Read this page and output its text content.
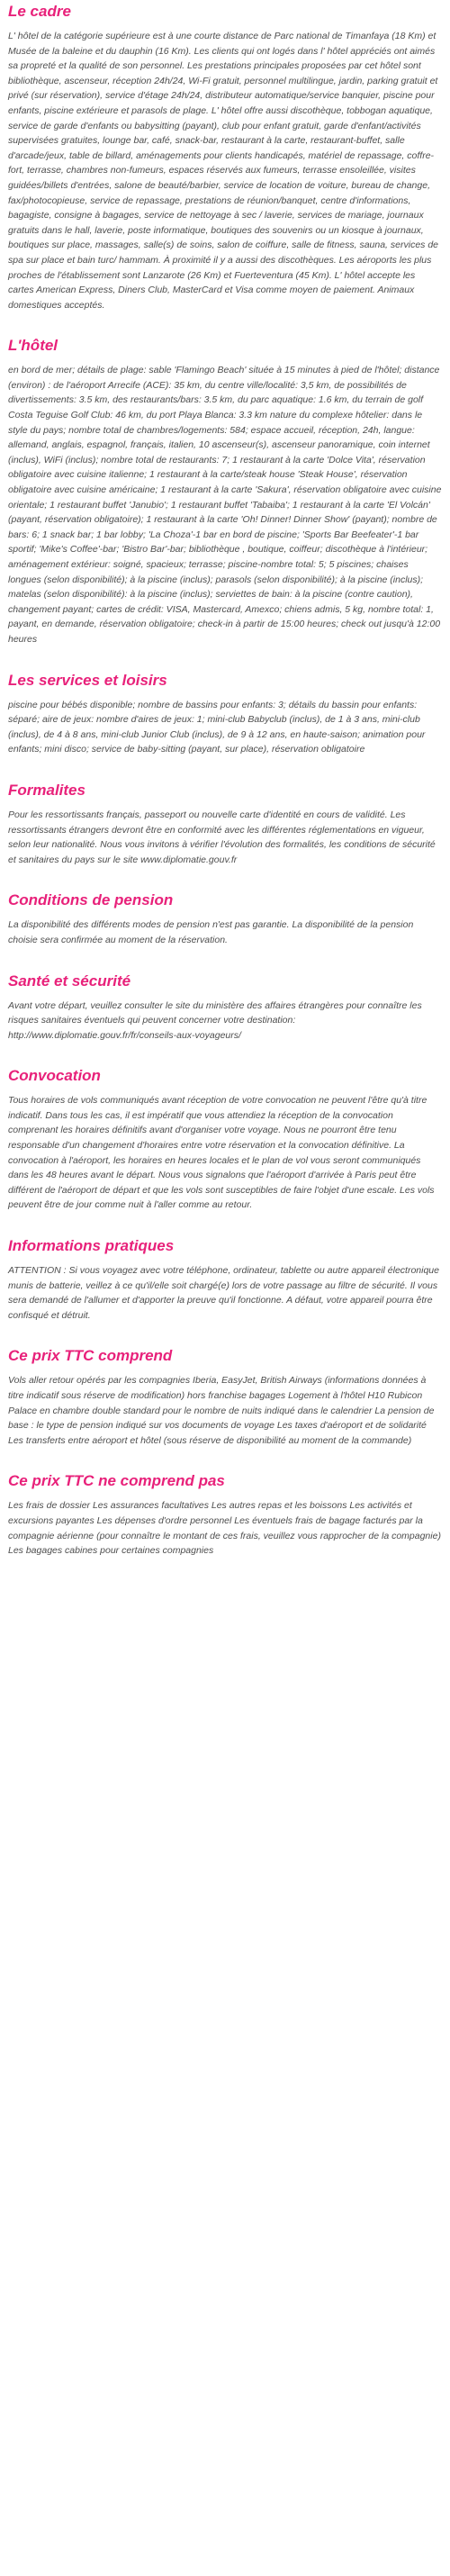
Le cadre

L' hôtel de la catégorie supérieure est à une courte distance de Parc national de Timanfaya (18 Km) et Musée de la baleine et du dauphin (16 Km). Les clients qui ont logés dans l' hôtel appréciés ont aimés sa propreté et la qualité de son personnel. Les prestations principales proposées par cet hôtel sont bibliothèque, ascenseur, réception 24h/24, Wi-Fi gratuit, personnel multilingue, jardin, parking gratuit et privé (sur réservation), service d'étage 24h/24, distributeur automatique/service banquier, piscine pour enfants, piscine extérieure et parasols de plage. L' hôtel offre aussi discothèque, tobbogan aquatique, service de garde d'enfants ou babysitting (payant), club pour enfant gratuit, garde d'enfant/activités supervisées gratuites, lounge bar, café, snack-bar, restaurant à la carte, restaurant-buffet, salle d'arcade/jeux, table de billard, aménagements pour clients handicapés, matériel de repassage, coffre-fort, terrasse, chambres non-fumeurs, espaces réservés aux fumeurs, terrasse ensoleillée, visites guidées/billets d'entrées, salone de beauté/barbier, service de location de voiture, bureau de change, fax/photocopieuse, service de repassage, prestations de réunion/banquet, centre d'informations, bagagiste, consigne à bagages, service de nettoyage à sec / laverie, services de mariage, journaux gratuits dans le hall, laverie, poste informatique, boutiques des souvenirs ou un kiosque à journaux, boutiques sur place, massages, salle(s) de soins, salon de coiffure, salle de fitness, sauna, services de spa sur place et bain turc/ hammam. À proximité il y a aussi des discothèques. Les aéroports les plus proches de l'établissement sont Lanzarote (26 Km) et Fuerteventura (45 Km). L' hôtel accepte les cartes American Express, Diners Club, MasterCard et Visa comme moyen de paiement. Animaux domestiques acceptés.

L'hôtel

en bord de mer; détails de plage: sable 'Flamingo Beach' située à 15 minutes à pied de l'hôtel; distance (environ) : de l'aéroport Arrecife (ACE): 35 km, du centre ville/localité: 3,5 km, de possibilités de divertissements: 3.5 km, des restaurants/bars: 3.5 km, du parc aquatique: 1.6 km, du terrain de golf Costa Teguise Golf Club: 46 km, du port Playa Blanca: 3.3 km nature du complexe hôtelier: dans le style du pays; nombre total de chambres/logements: 584; espace accueil, réception, 24h, langue: allemand, anglais, espagnol, français, italien, 10 ascenseur(s), ascenseur panoramique, coin internet (inclus), WiFi (inclus); nombre total de restaurants: 7; 1 restaurant à la carte 'Dolce Vita', réservation obligatoire avec cuisine italienne; 1 restaurant à la carte/steak house 'Steak House', réservation obligatoire avec cuisine américaine; 1 restaurant à la carte 'Sakura', réservation obligatoire avec cuisine orientale; 1 restaurant buffet 'Janubio'; 1 restaurant buffet 'Tabaiba'; 1 restaurant à la carte 'El Volcán' (payant, réservation obligatoire); 1 restaurant à la carte 'Oh! Dinner! Dinner Show' (payant); nombre de bars: 6; 1 snack bar; 1 bar lobby; 'La Choza'-1 bar en bord de piscine; 'Sports Bar Beefeater'-1 bar sportif; 'Mike's Coffee'-bar; 'Bistro Bar'-bar; bibliothèque , boutique, coiffeur; discothèque à l'intérieur; aménagement extérieur: soigné, spacieux; terrasse; piscine-nombre total: 5; 5 piscines; chaises longues (selon disponibilité); à la piscine (inclus); parasols (selon disponibilité); à la piscine (inclus); matelas (selon disponibilité): à la piscine (inclus); serviettes de bain: à la piscine (contre caution), changement payant; cartes de crédit: VISA, Mastercard, Amexco; chiens admis, 5 kg, nombre total: 1, payant, en demande, réservation obligatoire; check-in à partir de 15:00 heures; check out jusqu'à 12:00 heures

Les services et loisirs

piscine pour bébés disponible; nombre de bassins pour enfants: 3; détails du bassin pour enfants: séparé; aire de jeux: nombre d'aires de jeux: 1; mini-club Babyclub (inclus), de 1 à 3 ans, mini-club (inclus), de 4 à 8 ans, mini-club Junior Club (inclus), de 9 à 12 ans, en haute-saison; animation pour enfants; mini disco; service de baby-sitting (payant, sur place), réservation obligatoire

Formalites

Pour les ressortissants français, passeport ou nouvelle carte d'identité en cours de validité. Les ressortissants étrangers devront être en conformité avec les différentes réglementations en vigueur, selon leur nationalité. Nous vous invitons à vérifier l'évolution des formalités, les conditions de sécurité et sanitaires du pays sur le site www.diplomatie.gouv.fr

Conditions de pension

La disponibilité des différents modes de pension n'est pas garantie. La disponibilité de la pension choisie sera confirmée au moment de la réservation.

Santé et sécurité

Avant votre départ, veuillez consulter le site du ministère des affaires étrangères pour connaître les risques sanitaires éventuels qui peuvent concerner votre destination: http://www.diplomatie.gouv.fr/fr/conseils-aux-voyageurs/

Convocation

Tous horaires de vols communiqués avant réception de votre convocation ne peuvent l'être qu'à titre indicatif. Dans tous les cas, il est impératif que vous attendiez la réception de la convocation comprenant les horaires définitifs avant d'organiser votre voyage. Nous ne pourront être tenu responsable d'un changement d'horaires entre votre réservation et la convocation définitive. La convocation à l'aéroport, les horaires en heures locales et le plan de vol vous seront communiqués dans les 48 heures avant le départ. Nous vous signalons que l'aéroport d'arrivée à Paris peut être différent de l'aéroport de départ et que les vols sont susceptibles de faire l'objet d'une escale. Les vols peuvent être de jour comme nuit à l'aller comme au retour.

Informations pratiques

ATTENTION : Si vous voyagez avec votre téléphone, ordinateur, tablette ou autre appareil électronique munis de batterie, veillez à ce qu'il/elle soit chargé(e) lors de votre passage au filtre de sécurité. Il vous sera demandé de l'allumer et d'apporter la preuve qu'il fonctionne. A défaut, votre appareil pourra être confisqué et détruit.

Ce prix TTC comprend

Vols aller retour opérés par les compagnies Iberia, EasyJet, British Airways (informations données à titre indicatif sous réserve de modification) hors franchise bagages Logement à l'hôtel H10 Rubicon Palace en chambre double standard pour le nombre de nuits indiqué dans le calendrier La pension de base : le type de pension indiqué sur vos documents de voyage Les taxes d'aéroport et de solidarité Les transferts entre aéroport et hôtel (sous réserve de disponibilité au moment de la commande)

Ce prix TTC ne comprend pas

Les frais de dossier Les assurances facultatives Les autres repas et les boissons Les activités et excursions payantes Les dépenses d'ordre personnel Les éventuels frais de bagage facturés par la compagnie aérienne (pour connaître le montant de ces frais, veuillez vous rapprocher de la compagnie) Les bagages cabines pour certaines compagnies
